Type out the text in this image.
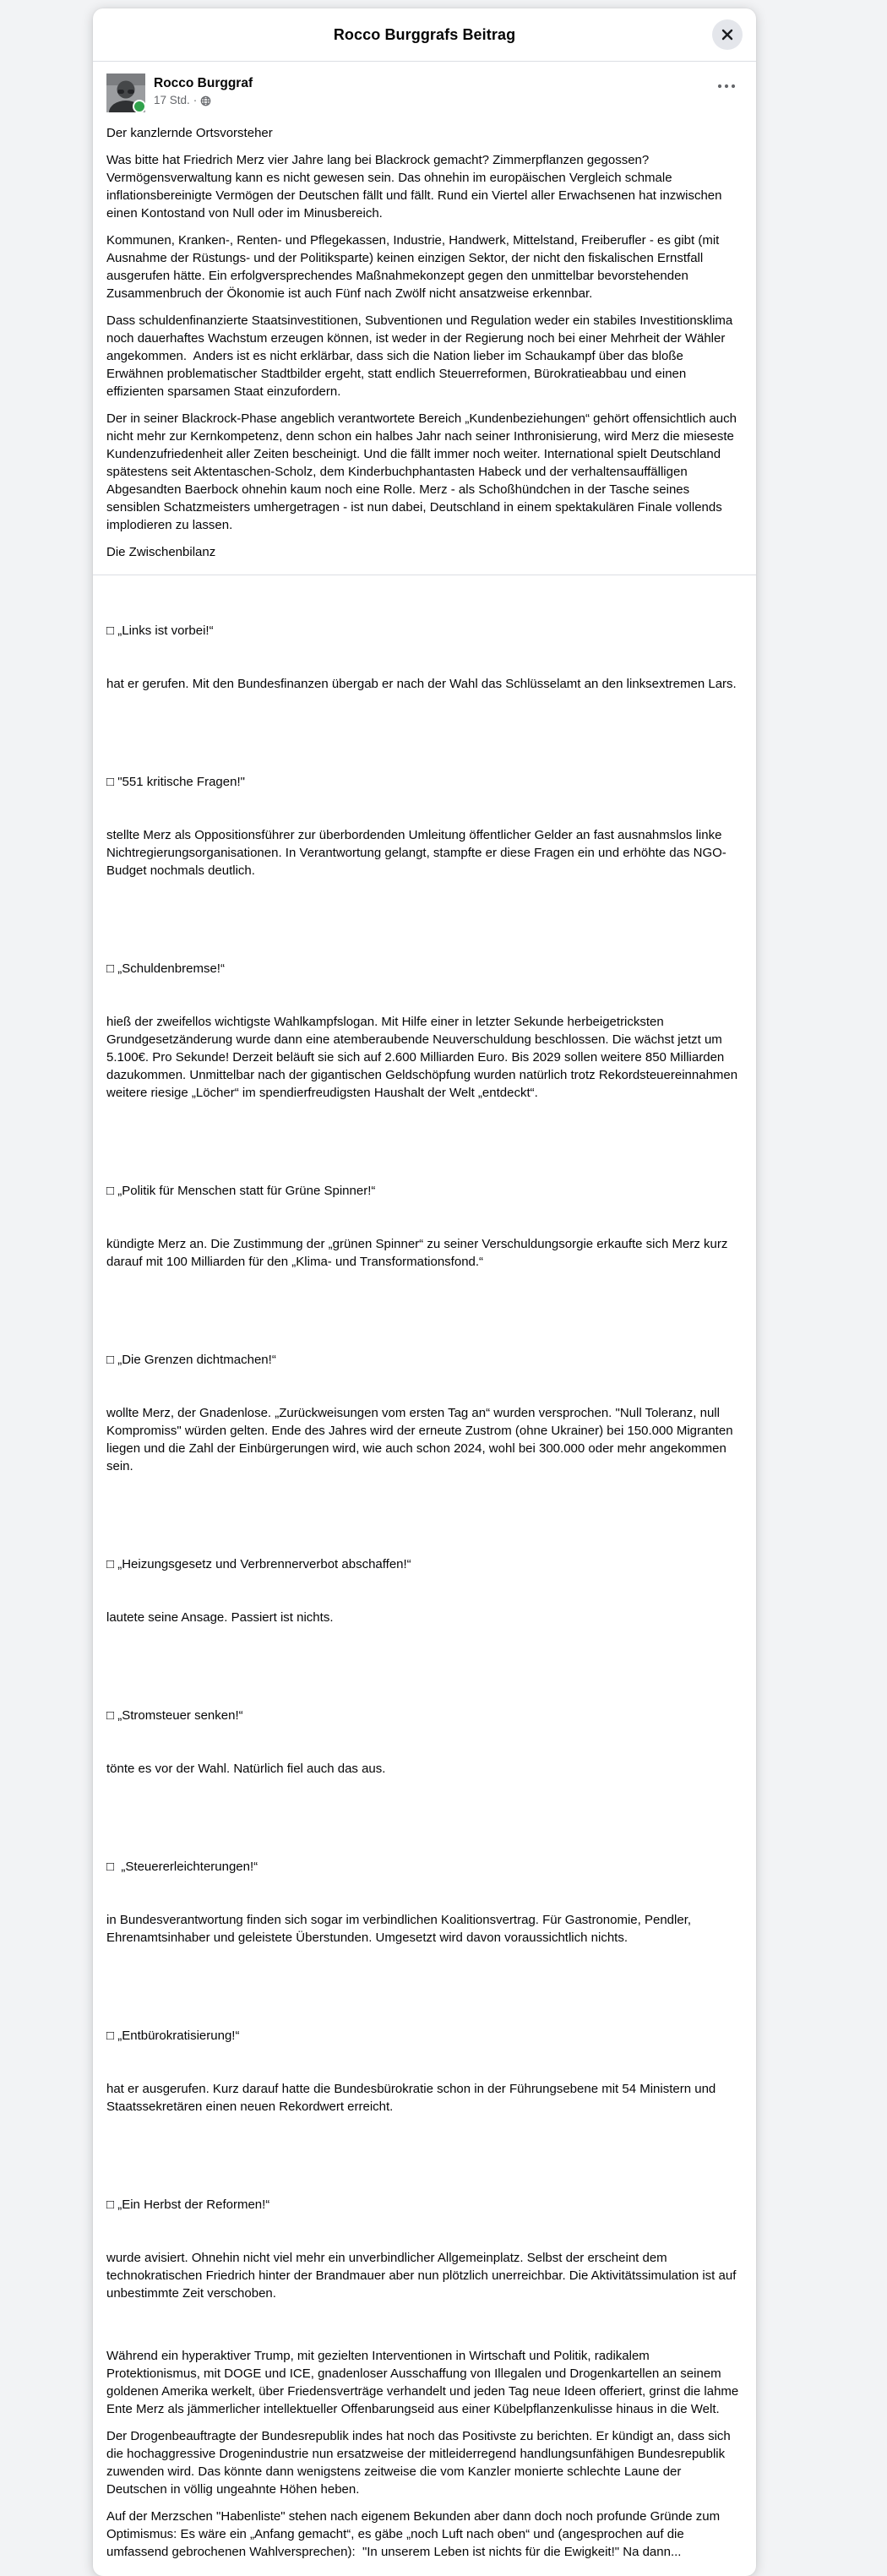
Rocco Burggrafs Beitrag
Rocco Burggraf
17 Std. ·

Der kanzlernde Ortsvorsteher

Was bitte hat Friedrich Merz vier Jahre lang bei Blackrock gemacht? Zimmerpflanzen gegossen? Vermögensverwaltung kann es nicht gewesen sein. Das ohnehin im europäischen Vergleich schmale inflationsbereinigte Vermögen der Deutschen fällt und fällt. Rund ein Viertel aller Erwachsenen hat inzwischen einen Kontostand von Null oder im Minusbereich.

Kommunen, Kranken-, Renten- und Pflegekassen, Industrie, Handwerk, Mittelstand, Freiberufler - es gibt (mit Ausnahme der Rüstungs- und der Politiksparte) keinen einzigen Sektor, der nicht den fiskalischen Ernstfall ausgerufen hätte. Ein erfolgversprechendes Maßnahmekonzept gegen den unmittelbar bevorstehenden Zusammenbruch der Ökonomie ist auch Fünf nach Zwölf nicht ansatzweise erkennbar.

Dass schuldenfinanzierte Staatsinvestitionen, Subventionen und Regulation weder ein stabiles Investitionsklima noch dauerhaftes Wachstum erzeugen können, ist weder in der Regierung noch bei einer Mehrheit der Wähler angekommen.  Anders ist es nicht erklärbar, dass sich die Nation lieber im Schaukampf über das bloße Erwähnen problematischer Stadtbilder ergeht, statt endlich Steuerreformen, Bürokratieabbau und einen effizienten sparsamen Staat einzufordern.

Der in seiner Blackrock-Phase angeblich verantwortete Bereich „Kundenbeziehungen“ gehört offensichtlich auch nicht mehr zur Kernkompetenz, denn schon ein halbes Jahr nach seiner Inthronisierung, wird Merz die mieseste Kundenzufriedenheit aller Zeiten bescheinigt. Und die fällt immer noch weiter. International spielt Deutschland spätestens seit Aktentaschen-Scholz, dem Kinderbuchphantasten Habeck und der verhaltensauffälligen Abgesandten Baerbock ohnehin kaum noch eine Rolle. Merz - als Schoßhündchen in der Tasche seines sensiblen Schatzmeisters umhergetragen - ist nun dabei, Deutschland in einem spektakulären Finale vollends implodieren zu lassen.

Die Zwischenbilanz

□ „Links ist vorbei!“

hat er gerufen. Mit den Bundesfinanzen übergab er nach der Wahl das Schlüsselamt an den linksextremen Lars.

□ "551 kritische Fragen!"

stellte Merz als Oppositionsführer zur überbordenden Umleitung öffentlicher Gelder an fast ausnahmslos linke Nichtregierungsorganisationen. In Verantwortung gelangt, stampfte er diese Fragen ein und erhöhte das NGO-Budget nochmals deutlich.

□ „Schuldenbremse!“

hieß der zweifellos wichtigste Wahlkampfslogan. Mit Hilfe einer in letzter Sekunde herbeigetricksten Grundgesetzänderung wurde dann eine atemberaubende Neuverschuldung beschlossen. Die wächst jetzt um 5.100€. Pro Sekunde! Derzeit beläuft sie sich auf 2.600 Milliarden Euro. Bis 2029 sollen weitere 850 Milliarden dazukommen. Unmittelbar nach der gigantischen Geldschöpfung wurden natürlich trotz Rekordsteuereinnahmen weitere riesige „Löcher“ im spendierfreudigsten Haushalt der Welt „entdeckt“.

□ „Politik für Menschen statt für Grüne Spinner!“

kündigte Merz an. Die Zustimmung der „grünen Spinner“ zu seiner Verschuldungsorgie erkaufte sich Merz kurz darauf mit 100 Milliarden für den „Klima- und Transformationsfond.“

□ „Die Grenzen dichtmachen!“

wollte Merz, der Gnadenlose. „Zurückweisungen vom ersten Tag an“ wurden versprochen. "Null Toleranz, null Kompromiss" würden gelten. Ende des Jahres wird der erneute Zustrom (ohne Ukrainer) bei 150.000 Migranten liegen und die Zahl der Einbürgerungen wird, wie auch schon 2024, wohl bei 300.000 oder mehr angekommen sein.

□ „Heizungsgesetz und Verbrennerverbot abschaffen!“

lautete seine Ansage. Passiert ist nichts.

□ „Stromsteuer senken!“

tönte es vor der Wahl. Natürlich fiel auch das aus.

□  „Steuererleichterungen!“

in Bundesverantwortung finden sich sogar im verbindlichen Koalitionsvertrag. Für Gastronomie, Pendler, Ehrenamtsinhaber und geleistete Überstunden. Umgesetzt wird davon voraussichtlich nichts.

□ „Entbürokratisierung!“

hat er ausgerufen. Kurz darauf hatte die Bundesbürokratie schon in der Führungsebene mit 54 Ministern und Staatssekretären einen neuen Rekordwert erreicht.

□ „Ein Herbst der Reformen!“

wurde avisiert. Ohnehin nicht viel mehr ein unverbindlicher Allgemeinplatz. Selbst der erscheint dem technokratischen Friedrich hinter der Brandmauer aber nun plötzlich unerreichbar. Die Aktivitätssimulation ist auf unbestimmte Zeit verschoben.

Während ein hyperaktiver Trump, mit gezielten Interventionen in Wirtschaft und Politik, radikalem Protektionismus, mit DOGE und ICE, gnadenloser Ausschaffung von Illegalen und Drogenkartellen an seinem goldenen Amerika werkelt, über Friedensverträge verhandelt und jeden Tag neue Ideen offeriert, grinst die lahme Ente Merz als jämmerlicher intellektueller Offenbarungseid aus einer Kübelpflanzenkulisse hinaus in die Welt.

Der Drogenbeauftragte der Bundesrepublik indes hat noch das Positivste zu berichten. Er kündigt an, dass sich die hochaggressive Drogenindustrie nun ersatzweise der mitleiderregend handlungsunfähigen Bundesrepublik zuwenden wird. Das könnte dann wenigstens zeitweise die vom Kanzler monierte schlechte Laune der Deutschen in völlig ungeahnte Höhen heben.

Auf der Merzschen "Habenliste" stehen nach eigenem Bekunden aber dann doch noch profunde Gründe zum Optimismus: Es wäre ein „Anfang gemacht“, es gäbe „noch Luft nach oben“ und (angesprochen auf die umfassend gebrochenen Wahlversprechen):  "In unserem Leben ist nichts für die Ewigkeit!" Na dann...
